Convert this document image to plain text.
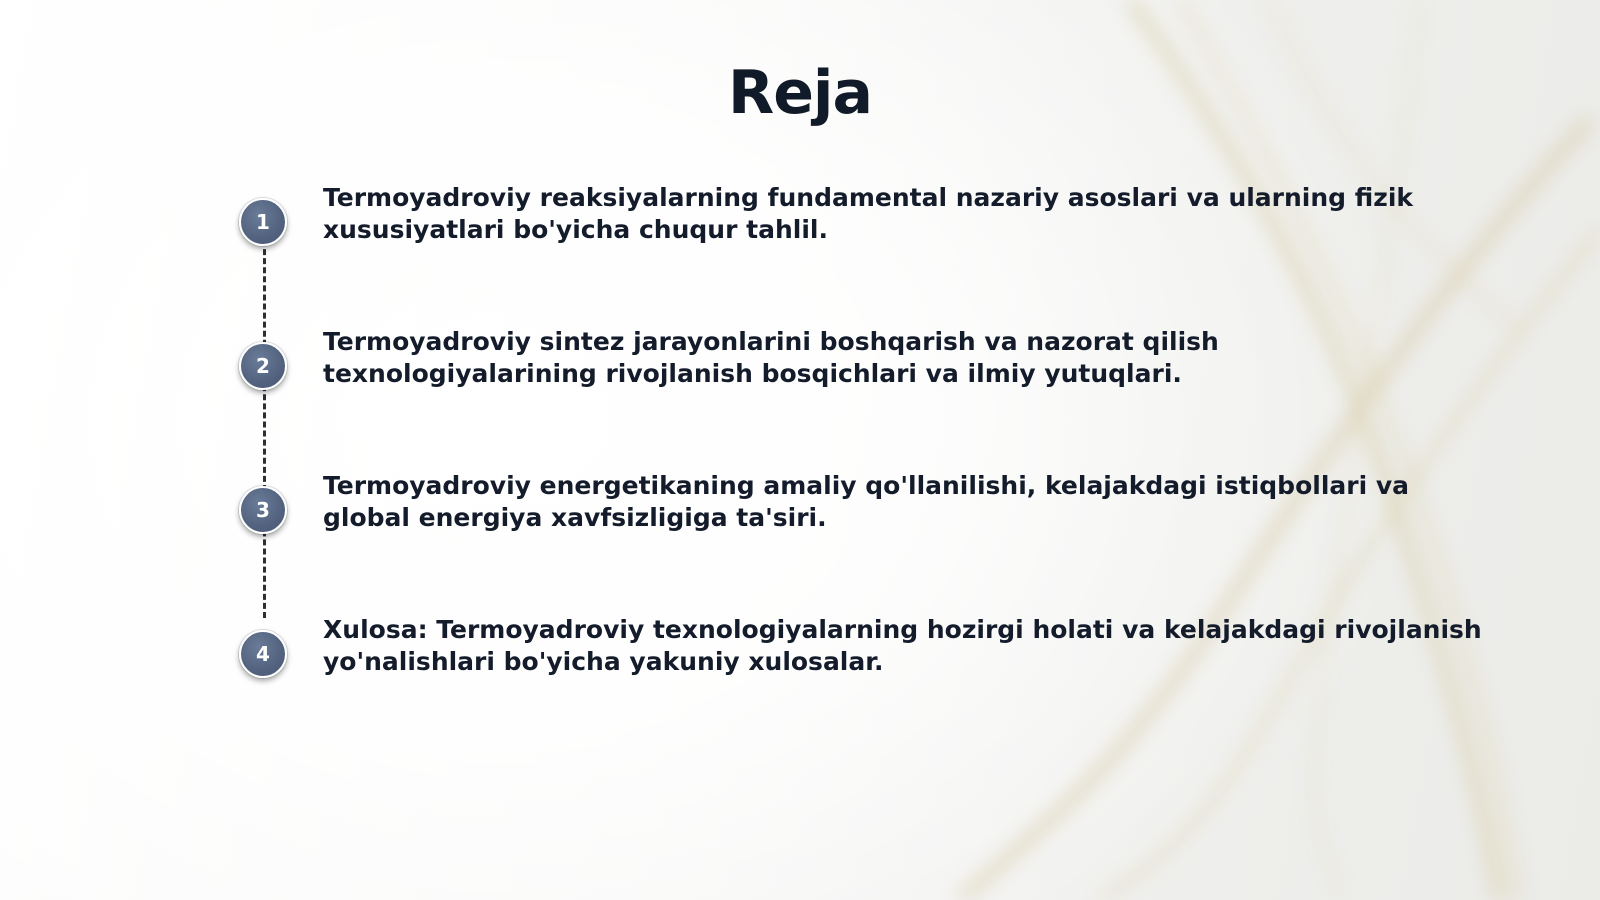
Reja
1

Termoyadroviy reaksiyalarning fundamental nazariy asoslari va ularning fizik xususiyatlari bo'yicha chuqur tahlil.

2

Termoyadroviy sintez jarayonlarini boshqarish va nazorat qilish texnologiyalarining rivojlanish bosqichlari va ilmiy yutuqlari.

3

Termoyadroviy energetikaning amaliy qo'llanilishi, kelajakdagi istiqbollari va global energiya xavfsizligiga ta'siri.

4

Xulosa: Termoyadroviy texnologiyalarning hozirgi holati va kelajakdagi rivojlanish yo'nalishlari bo'yicha yakuniy xulosalar.
